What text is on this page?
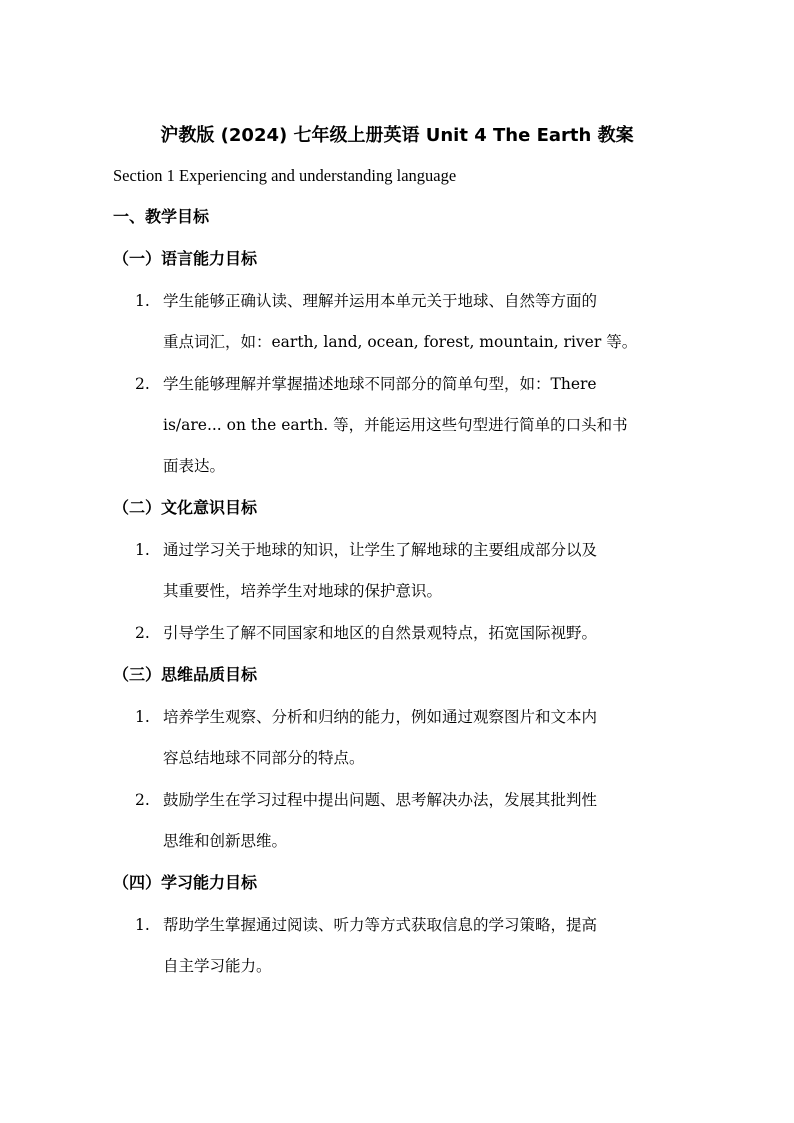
沪教版 (2024) 七年级上册英语 Unit 4 The Earth 教案
Section 1 Experiencing and understanding language
一、教学目标
（一）语言能力目标
1. 学生能够正确认读、理解并运用本单元关于地球、自然等方面的
重点词汇，如：earth, land, ocean, forest, mountain, river 等。
2. 学生能够理解并掌握描述地球不同部分的简单句型，如：There
is/are... on the earth. 等，并能运用这些句型进行简单的口头和书
面表达。
（二）文化意识目标
1. 通过学习关于地球的知识，让学生了解地球的主要组成部分以及
其重要性，培养学生对地球的保护意识。
2. 引导学生了解不同国家和地区的自然景观特点，拓宽国际视野。
（三）思维品质目标
1. 培养学生观察、分析和归纳的能力，例如通过观察图片和文本内
容总结地球不同部分的特点。
2. 鼓励学生在学习过程中提出问题、思考解决办法，发展其批判性
思维和创新思维。
（四）学习能力目标
1. 帮助学生掌握通过阅读、听力等方式获取信息的学习策略，提高
自主学习能力。
